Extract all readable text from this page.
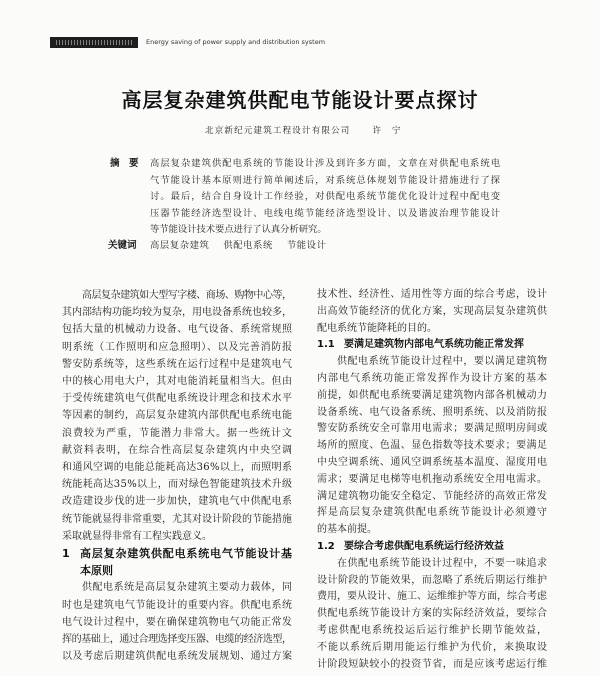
Energy saving of power supply and distribution system
高层复杂建筑供配电节能设计要点探讨
北京新纪元建筑工程设计有限公司	许　宁
摘　要 高层复杂建筑供配电系统的节能设计涉及到许多方面，文章在对供配电系统电
气节能设计基本原则进行简单阐述后，对系统总体规划节能设计措施进行了探
讨。最后，结合自身设计工作经验，对供配电系统节能优化设计过程中配电变
压器节能经济选型设计、电线电缆节能经济选型设计、以及谐波治理节能设计
等节能设计技术要点进行了认真分析研究。
关键词 高层复杂建筑 供配电系统 节能设计
高层复杂建筑如大型写字楼、商场、购物中心等，
其内部结构功能均较为复杂，用电设备系统也较多，
包括大量的机械动力设备、电气设备、系统常规照
明系统（工作照明和应急照明）、以及完善消防报
警安防系统等，这些系统在运行过程中是建筑电气
中的核心用电大户，其对电能消耗量相当大。但由
于受传统建筑电气供配电系统设计理念和技术水平
等因素的制约，高层复杂建筑内部供配电系统电能
浪费较为严重，节能潜力非常大。据一些统计文
献资料表明，在综合性高层复杂建筑内中央空调
和通风空调的电能总能耗高达36%以上，而照明系
统能耗高达35%以上，而对绿色智能建筑技术升级
改造建设步伐的进一步加快，建筑电气中供配电系
统节能就显得非常重要，尤其对设计阶段的节能措施
采取就显得非常有工程实践意义。
1 高层复杂建筑供配电系统电气节能设计基
本原则
供配电系统是高层复杂建筑主要动力载体，同
时也是建筑电气节能设计的重要内容。供配电系统
电气设计过程中，要在确保建筑物电气功能正常发
挥的基础上，通过合理选择变压器、电缆的经济选型，
以及考虑后期建筑供配电系统发展规划、通过方案
技术性、经济性、适用性等方面的综合考虑，设计
出高效节能经济的优化方案，实现高层复杂建筑供
配电系统节能降耗的目的。
1.1 要满足建筑物内部电气系统功能正常发挥
供配电系统节能设计过程中，要以满足建筑物
内部电气系统功能正常发挥作为设计方案的基本
前提，如供配电系统要满足建筑物内部各机械动力
设备系统、电气设备系统、照明系统、以及消防报
警安防系统安全可靠用电需求；要满足照明房间或
场所的照度、色温、显色指数等技术要求；要满足
中央空调系统、通风空调系统基本温度、湿度用电
需求；要满足电梯等电机拖动系统安全用电需求。
满足建筑物功能安全稳定、节能经济的高效正常发
挥是高层复杂建筑供配电系统节能设计必须遵守
的基本前提。
1.2 要综合考虑供配电系统运行经济效益
在供配电系统节能设计过程中，不要一味追求
设计阶段的节能效果，而忽略了系统后期运行维护
费用，要从设计、施工、运维维护等方面，综合考虑
供配电系统节能设计方案的实际经济效益，要综合
考虑供配电系统投运后运行维护长期节能效益，
不能以系统后期用能运行维护为代价，来换取设
计阶段短缺较小的投资节省，而是应该考虑运行维
